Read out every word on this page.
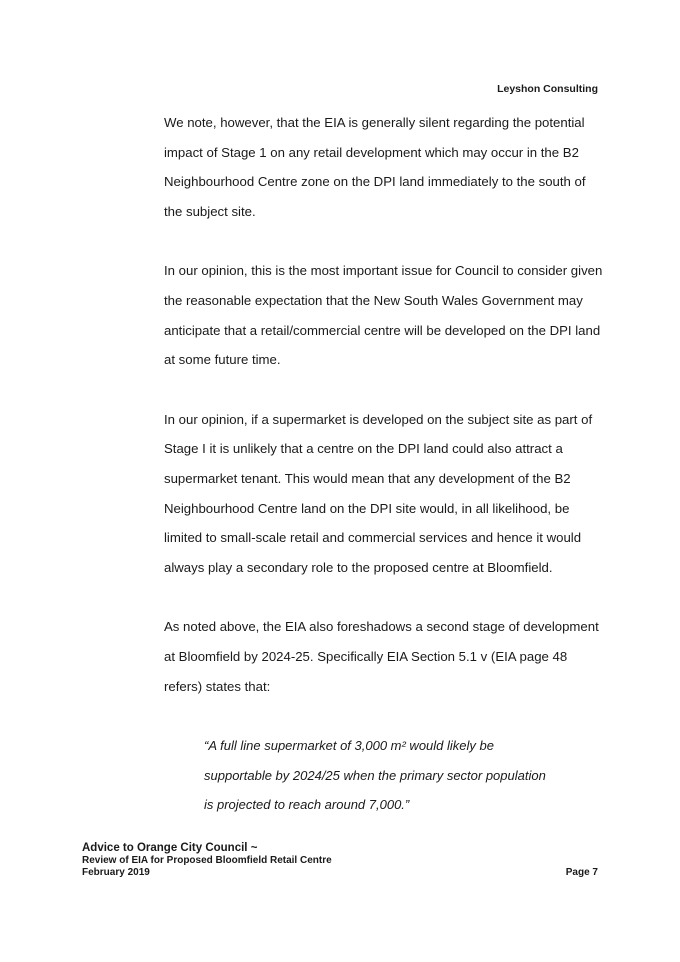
Leyshon Consulting

We note, however, that the EIA is generally silent regarding the potential impact of Stage 1 on any retail development which may occur in the B2 Neighbourhood Centre zone on the DPI land immediately to the south of the subject site.

In our opinion, this is the most important issue for Council to consider given the reasonable expectation that the New South Wales Government may anticipate that a retail/commercial centre will be developed on the DPI land at some future time.

In our opinion, if a supermarket is developed on the subject site as part of Stage I it is unlikely that a centre on the DPI land could also attract a supermarket tenant. This would mean that any development of the B2 Neighbourhood Centre land on the DPI site would, in all likelihood, be limited to small-scale retail and commercial services and hence it would always play a secondary role to the proposed centre at Bloomfield.

As noted above, the EIA also foreshadows a second stage of development at Bloomfield by 2024-25. Specifically EIA Section 5.1 v (EIA page 48 refers) states that:

“A full line supermarket of 3,000 m² would likely be
supportable by 2024/25 when the primary sector population
is projected to reach around 7,000.”
Advice to Orange City Council ~
Review of EIA for Proposed Bloomfield Retail Centre
February 2019	Page 7
